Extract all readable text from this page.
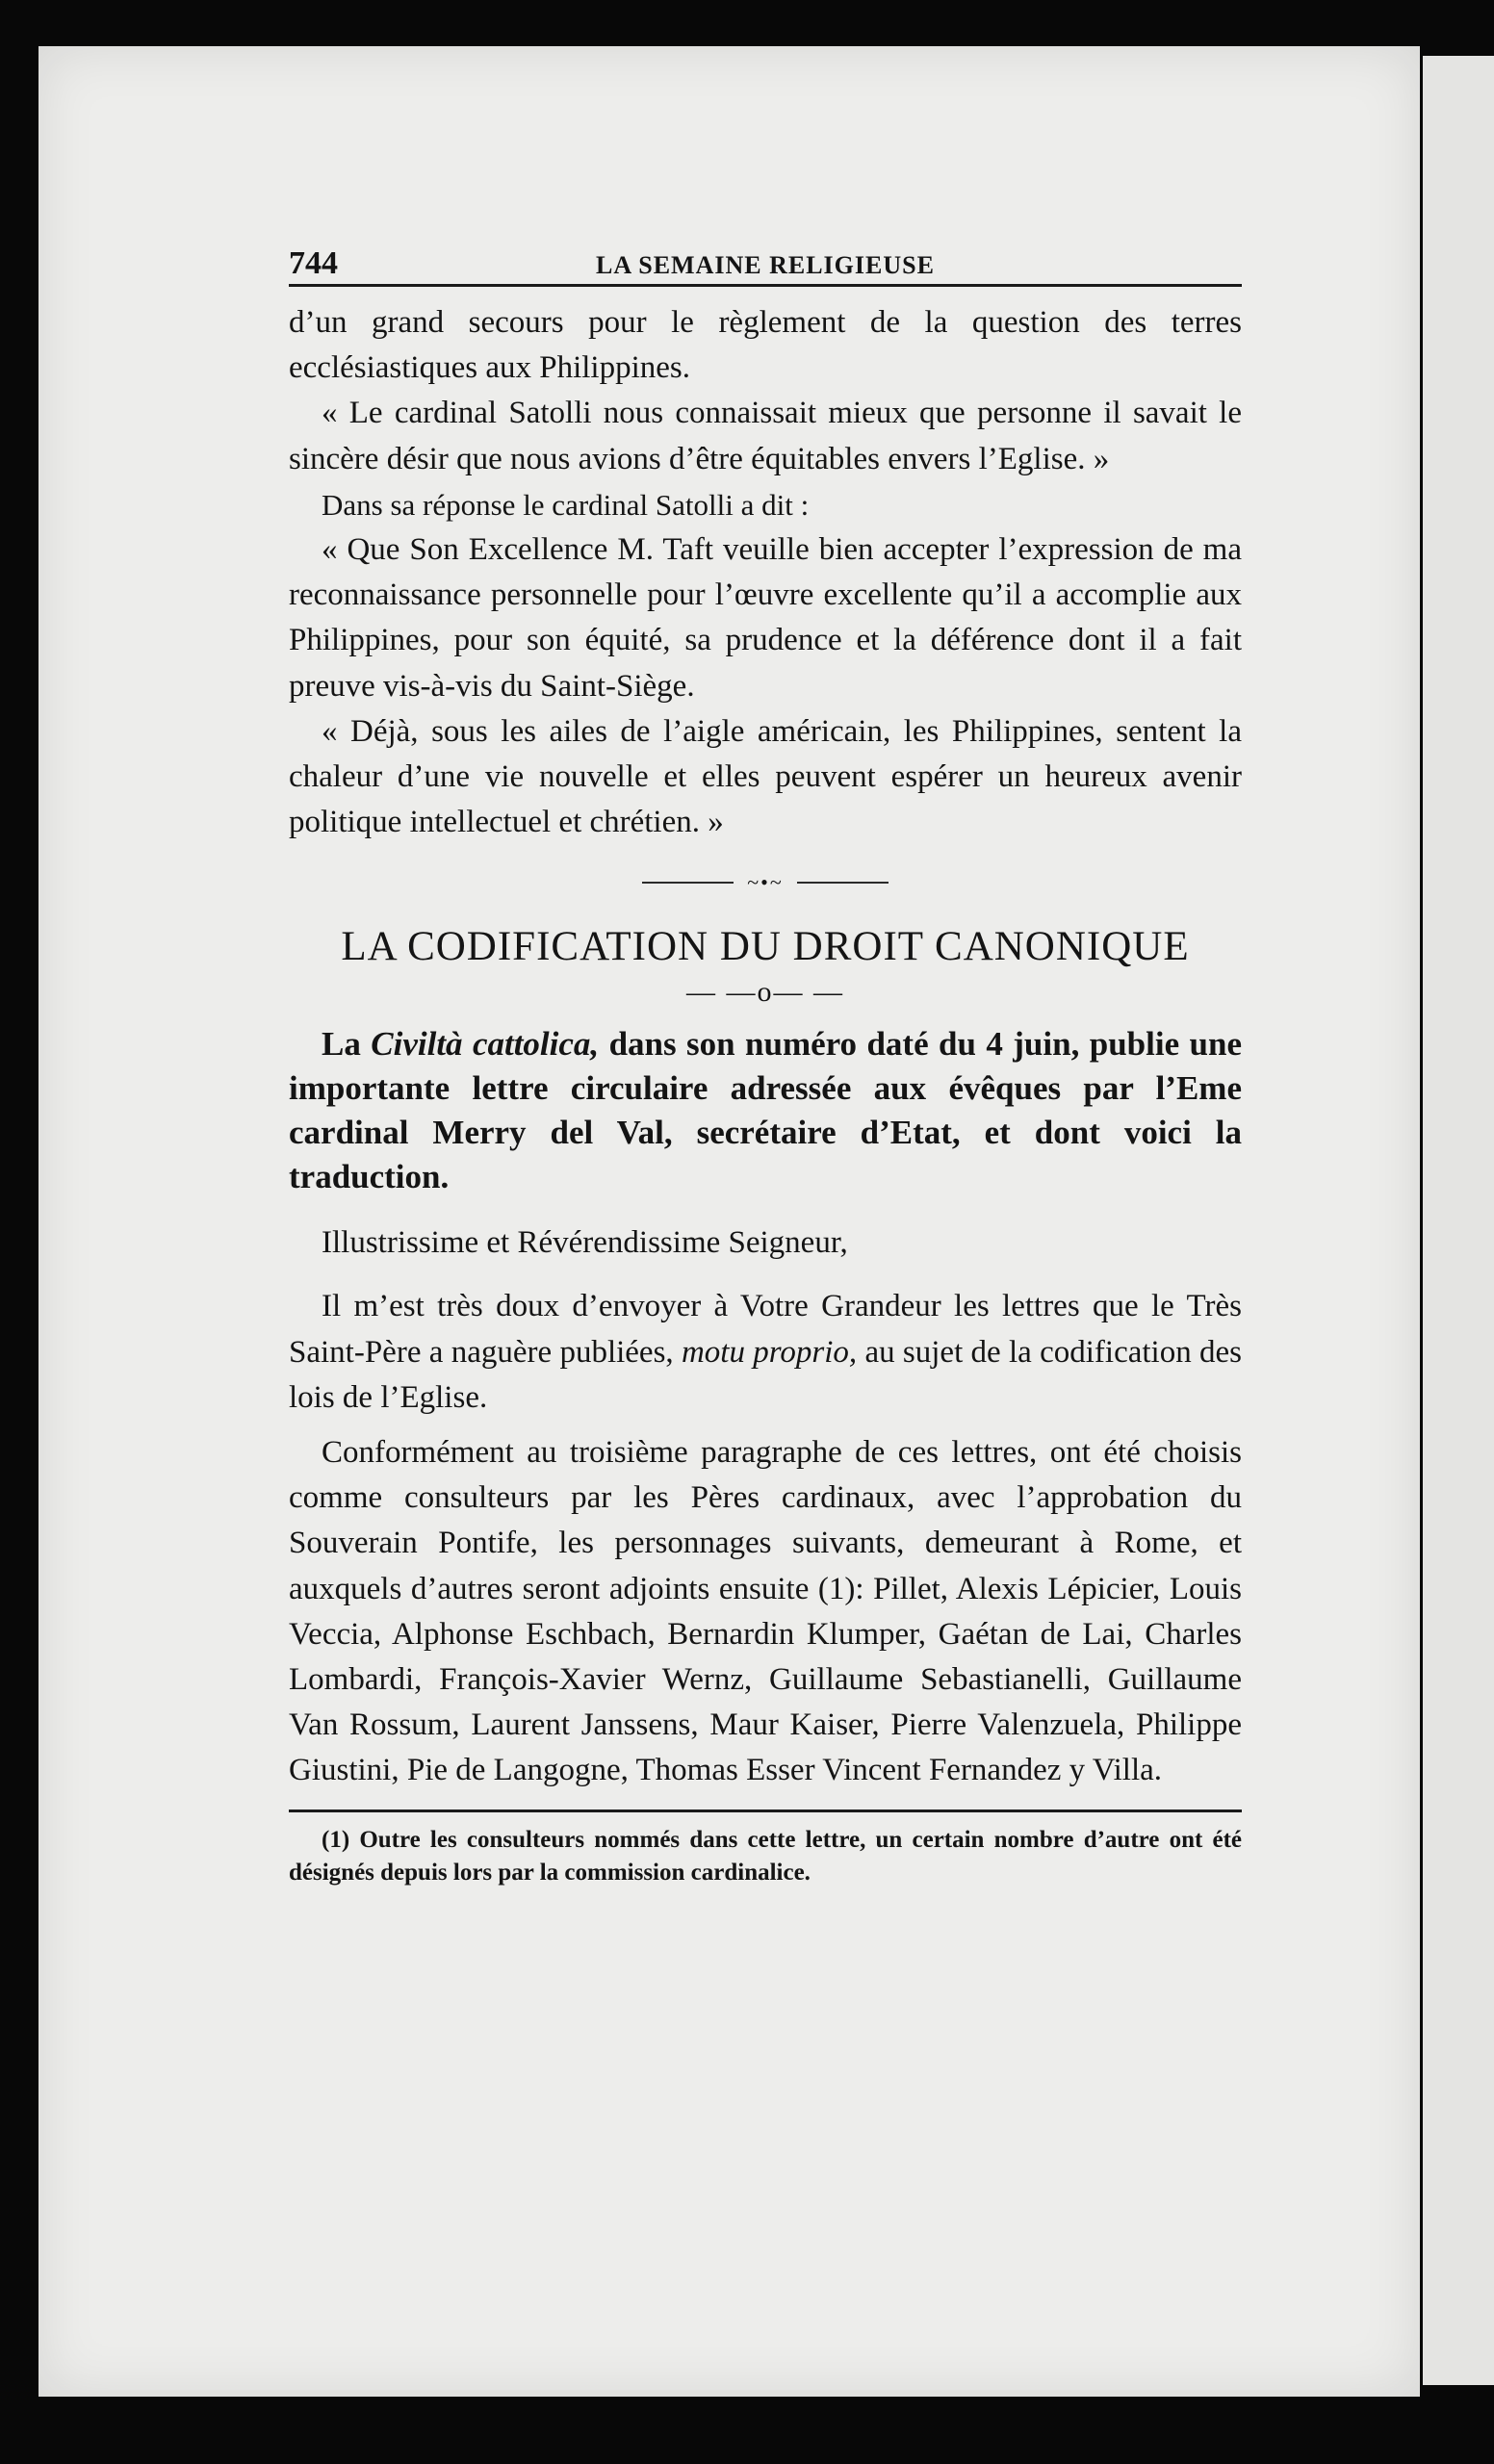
744	LA SEMAINE RELIGIEUSE

d’un grand secours pour le règlement de la question des terres ecclésiastiques aux Philippines.

« Le cardinal Satolli nous connaissait mieux que personne il savait le sincère désir que nous avions d’être équitables envers l’Eglise. »

Dans sa réponse le cardinal Satolli a dit :

« Que Son Excellence M. Taft veuille bien accepter l’expression de ma reconnaissance personnelle pour l’œuvre excellente qu’il a accomplie aux Philippines, pour son équité, sa prudence et la déférence dont il a fait preuve vis-à-vis du Saint-Siège.

« Déjà, sous les ailes de l’aigle américain, les Philippines, sentent la chaleur d’une vie nouvelle et elles peuvent espérer un heureux avenir politique intellectuel et chrétien. »

~•~
LA CODIFICATION DU DROIT CANONIQUE
— —o— —

La Civiltà cattolica, dans son numéro daté du 4 juin, publie une importante lettre circulaire adressée aux évêques par l’Eme cardinal Merry del Val, secrétaire d’Etat, et dont voici la traduction.

Illustrissime et Révérendissime Seigneur,

Il m’est très doux d’envoyer à Votre Grandeur les lettres que le Très Saint-Père a naguère publiées, motu proprio, au sujet de la codification des lois de l’Eglise.

Conformément au troisième paragraphe de ces lettres, ont été choisis comme consulteurs par les Pères cardinaux, avec l’approbation du Souverain Pontife, les personnages suivants, demeurant à Rome, et auxquels d’autres seront adjoints ensuite (1): Pillet, Alexis Lépicier, Louis Veccia, Alphonse Eschbach, Bernardin Klumper, Gaétan de Lai, Charles Lombardi, François-Xavier Wernz, Guillaume Sebastianelli, Guillaume Van Rossum, Laurent Janssens, Maur Kaiser, Pierre Valenzuela, Philippe Giustini, Pie de Langogne, Thomas Esser Vincent Fernandez y Villa.

(1) Outre les consulteurs nommés dans cette lettre, un certain nombre d’autre ont été désignés depuis lors par la commission cardinalice.
